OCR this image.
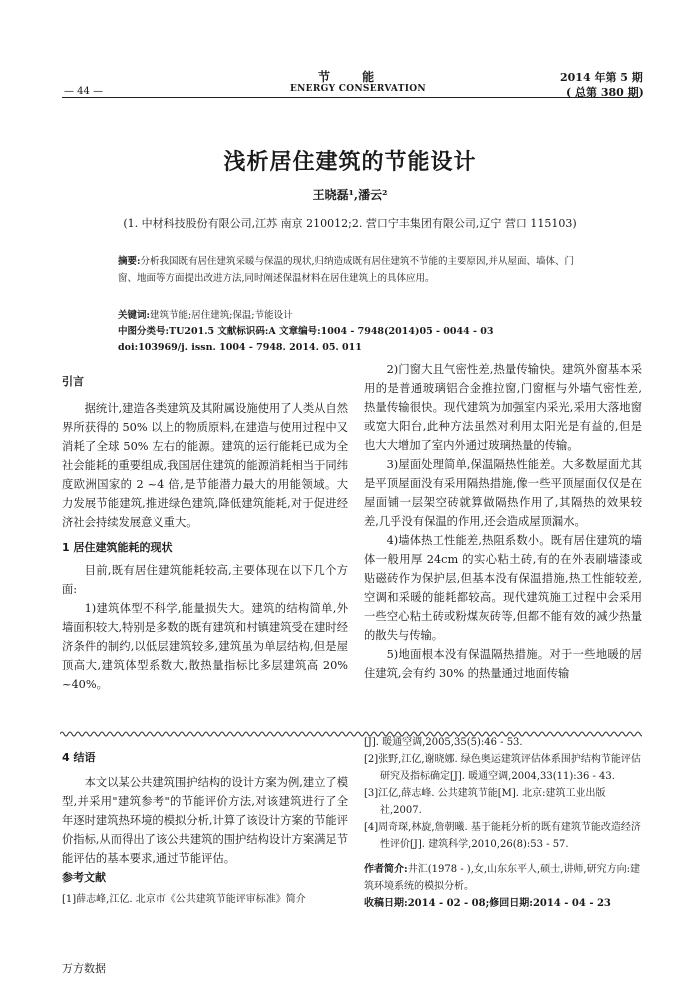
节 能
ENERGY CONSERVATION
— 44 —
2014 年第 5 期
( 总第 380 期)
浅析居住建筑的节能设计
王晓磊¹,潘云²
(1. 中材科技股份有限公司,江苏 南京 210012;2. 营口宁丰集团有限公司,辽宁 营口 115103)
摘要:分析我国既有居住建筑采暖与保温的现状,归纳造成既有居住建筑不节能的主要原因,并从屋面、墙体、门窗、地面等方面提出改进方法,同时阐述保温材料在居住建筑上的具体应用。
关键词:建筑节能;居住建筑;保温;节能设计
中图分类号:TU201.5 文献标识码:A 文章编号:1004 - 7948(2014)05 - 0044 - 03
doi:103969/j. issn. 1004 - 7948. 2014. 05. 011

引言

据统计,建造各类建筑及其附属设施使用了人类从自然界所获得的 50% 以上的物质原料,在建造与使用过程中又消耗了全球 50% 左右的能源。建筑的运行能耗已成为全社会能耗的重要组成,我国居住建筑的能源消耗相当于同纬度欧洲国家的 2 ~4 倍,是节能潜力最大的用能领域。大力发展节能建筑,推进绿色建筑,降低建筑能耗,对于促进经济社会持续发展意义重大。

1 居住建筑能耗的现状

目前,既有居住建筑能耗较高,主要体现在以下几个方面:

1)建筑体型不科学,能量损失大。建筑的结构简单,外墙面积较大,特别是多数的既有建筑和村镇建筑受在建时经济条件的制约,以低层建筑较多,建筑虽为单层结构,但是屋顶高大,建筑体型系数大,散热量指标比多层建筑高 20% ~40%。

2)门窗大且气密性差,热量传输快。建筑外窗基本采用的是普通玻璃铝合金推拉窗,门窗框与外墙气密性差,热量传输很快。现代建筑为加强室内采光,采用大落地窗或宽大阳台,此种方法虽然对利用太阳光是有益的,但是也大大增加了室内外通过玻璃热量的传输。

3)屋面处理简单,保温隔热性能差。大多数屋面尤其是平顶屋面没有采用隔热措施,像一些平顶屋面仅仅是在屋面铺一层架空砖就算做隔热作用了,其隔热的效果较差,几乎没有保温的作用,还会造成屋顶漏水。

4)墙体热工性能差,热阻系数小。既有居住建筑的墙体一般用厚 24cm 的实心粘土砖,有的在外表刷墙漆或贴磁砖作为保护层,但基本没有保温措施,热工性能较差,空调和采暖的能耗都较高。现代建筑施工过程中会采用一些空心粘土砖或粉煤灰砖等,但都不能有效的减少热量的散失与传输。

5)地面根本没有保温隔热措施。对于一些地暖的居住建筑,会有约 30% 的热量通过地面传输

4 结语

本文以某公共建筑围护结构的设计方案为例,建立了模型,并采用"建筑参考"的节能评价方法,对该建筑进行了全年逐时建筑热环境的模拟分析,计算了该设计方案的节能评价指标,从而得出了该公共建筑的围护结构设计方案满足节能评估的基本要求,通过节能评估。

参考文献

[1]薛志峰,江亿. 北京市《公共建筑节能评审标准》简介

[J]. 暖通空调,2005,35(5):46 - 53.

[2]张野,江亿,谢晓娜. 绿色奥运建筑评估体系围护结构节能评估研究及指标确定[J]. 暖通空调,2004,33(11):36 - 43.

[3]江亿,薛志峰. 公共建筑节能[M]. 北京:建筑工业出版社,2007.

[4]周奇琛,林旋,詹朝曦. 基于能耗分析的既有建筑节能改造经济性评价[J]. 建筑科学,2010,26(8):53 - 57.

作者简介:井汇(1978 - ),女,山东东平人,硕士,讲师,研究方向:建筑环境系统的模拟分析。

收稿日期:2014 - 02 - 08;修回日期:2014 - 04 - 23

万方数据
